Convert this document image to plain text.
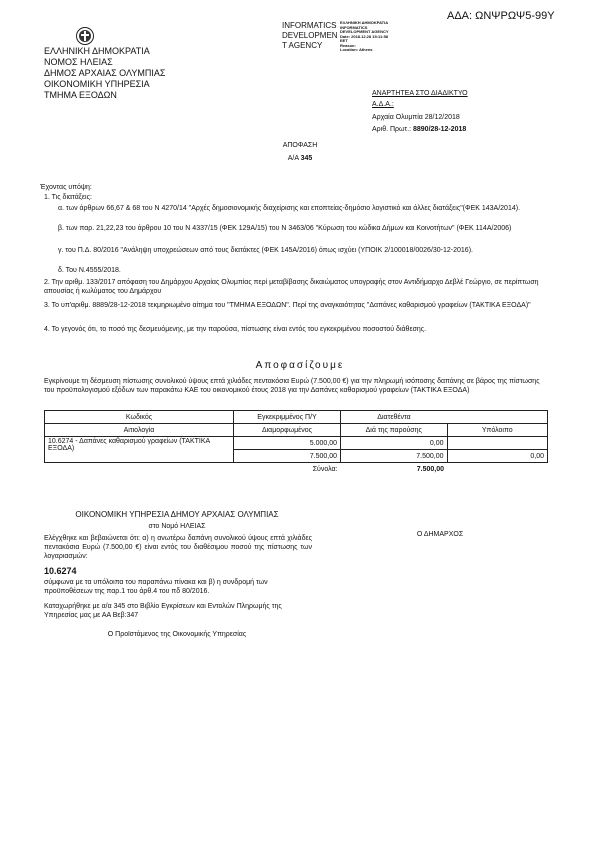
ΑΔΑ: ΩΝΨΡΩΨ5-99Υ
INFORMATICS
DEVELOPMEN
T AGENCY
ΕΛΛΗΝΙΚΗ ΔΗΜΟΚΡΑΤΙΑ
INFORMATICS
DEVELOPMENT AGENCY
Date: 2018.12.28 15:11:58
EET
Reason:
Location: Athens
ΕΛΛΗΝΙΚΗ ΔΗΜΟΚΡΑΤΙΑ
ΝΟΜΟΣ ΗΛΕΙΑΣ
ΔΗΜΟΣ ΑΡΧΑΙΑΣ ΟΛΥΜΠΙΑΣ
ΟΙΚΟΝΟΜΙΚΗ ΥΠΗΡΕΣΙΑ
ΤΜΗΜΑ ΕΞΟΔΩΝ	ΑΝΑΡΤΗΤΕΑ ΣΤΟ ΔΙΑΔΙΚΤΥΟ
Α.Δ.Α.:
Αρχαία Ολυμπία 28/12/2018
Αριθ. Πρωτ.: 8890/28-12-2018
ΑΠΟΦΑΣΗ
Α/Α 345
Έχοντας υπόψη:
1. Τις διατάξεις:
α. των άρθρων 66,67 & 68 του Ν 4270/14 "Αρχές δημοσιονομικής διαχείρισης και εποπτείας-δημόσιο λογιστικό και άλλες διατάξεις"(ΦΕΚ 143Α/2014).
β. των παρ. 21,22,23 του άρθρου 10 του Ν 4337/15 (ΦΕΚ 129Α/15) του Ν 3463/06 "Κύρωση του κώδικα Δήμων και Κοινοτήτων" (ΦΕΚ 114Α/2006)
γ. του Π.Δ. 80/2016 "Ανάληψη υποχρεώσεων από τους διατάκτες (ΦΕΚ 145Α/2016) όπως ισχύει (ΥΠΟΙΚ 2/100018/0026/30-12-2016).
δ. Του Ν.4555/2018.
2. Την αριθμ. 133/2017 απόφαση του Δημάρχου Αρχαίας Ολυμπίας περί μεταβίβασης δικαιώματος υπογραφής στον Αντιδήμαρχο Δεβλέ Γεώργιο, σε περίπτωση απουσίας ή κωλύματος του Δημάρχου
3. Το υπ'αριθμ. 8889/28-12-2018 τεκμηριωμένο αίτημα του "ΤΜΗΜΑ ΕΞΟΔΩΝ". Περί της αναγκαιότητας "Δαπάνες καθαρισμού γραφείων (ΤΑΚΤΙΚΑ ΕΞΟΔΑ)"
4. Το γεγονός ότι, το ποσό της δεσμευόμενης, με την παρούσα, πίστωσης είναι εντός του εγκεκριμένου ποσοστού διάθεσης.
Αποφασίζουμε
Εγκρίνουμε τη δέσμευση πίστωσης συνολικού ύψους επτά χιλιάδες πεντακόσια Ευρώ (7.500,00 €) για την πληρωμή ισόποσης δαπάνης σε βάρος της πίστωσης του προϋπολογισμού εξόδων των παρακάτω ΚΑΕ του οικονομικού έτους 2018 για την Δαπάνες καθαρισμού γραφείων (ΤΑΚΤΙΚΑ ΕΞΟΔΑ)
Κωδικός	Εγκεκριμμένος Π/Υ	Διατεθέντα	
Αιτιολογία	Διαμορφωμένος	Διά της παρούσης	Υπόλοιπο
10.6274 - Δαπάνες καθαρισμού γραφείων (ΤΑΚΤΙΚΑ ΕΞΟΔΑ)	5.000,00	0,00	
	7.500,00	7.500,00	0,00
Σύνολα:		7.500,00	
ΟΙΚΟΝΟΜΙΚΗ ΥΠΗΡΕΣΙΑ ΔΗΜΟΥ ΑΡΧΑΙΑΣ ΟΛΥΜΠΙΑΣ
στο Νομό ΗΛΕΙΑΣ
Ελέγχθηκε και βεβαιώνεται ότι: α) η ανωτέρω δαπάνη συνολικού ύψους επτά χιλιάδες πεντακόσια Ευρώ (7.500,00 €) είναι εντός του διαθέσιμου ποσού της πίστωσης των λογαριασμών:
10.6274
σύμφωνα με τα υπόλοιπα του παραπάνω πίνακα και β) η συνδρομή των προϋποθέσεων της παρ.1 του άρθ.4 του πδ 80/2016.
Καταχωρήθηκε με α/α 345 στο Βιβλίο Εγκρίσεων και Εντολών Πληρωμής της Υπηρεσίας μας με ΑΑ Βεβ:347
Ο Προϊστάμενος της Οικονομικής Υπηρεσίας
Ο ΔΗΜΑΡΧΟΣ
